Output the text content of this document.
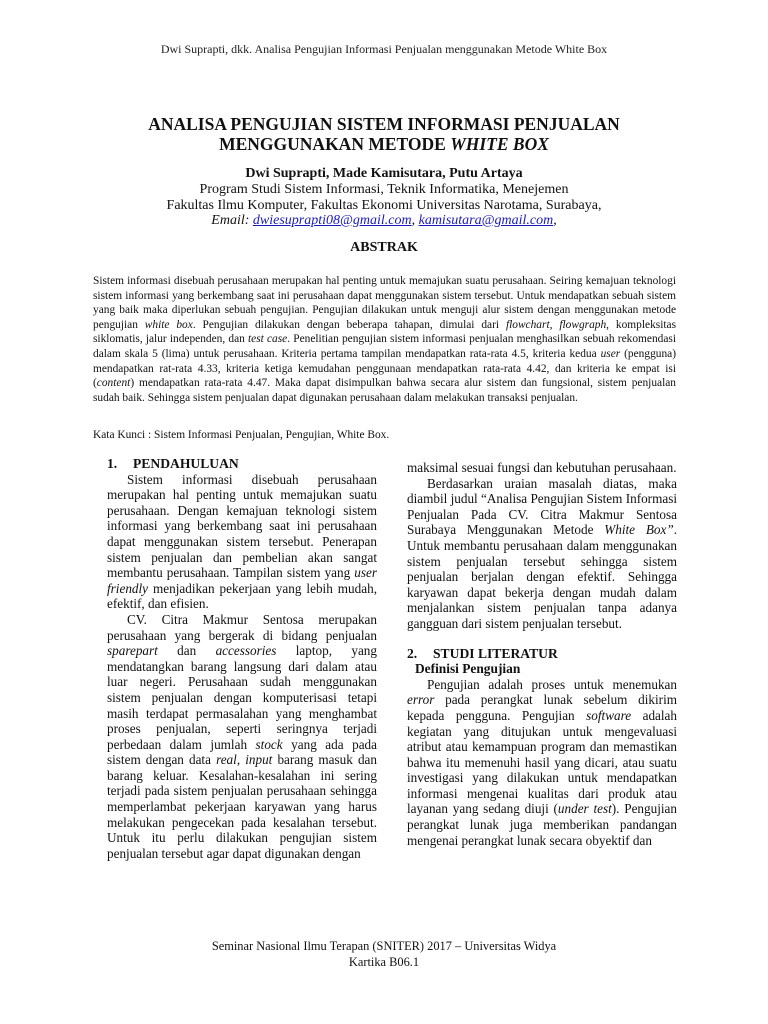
Dwi Suprapti, dkk. Analisa Pengujian Informasi Penjualan menggunakan Metode White Box
ANALISA PENGUJIAN SISTEM INFORMASI PENJUALAN
MENGGUNAKAN METODE WHITE BOX
Dwi Suprapti, Made Kamisutara, Putu Artaya
Program Studi Sistem Informasi, Teknik Informatika, Menejemen
Fakultas Ilmu Komputer, Fakultas Ekonomi Universitas Narotama, Surabaya,
Email: dwiesuprapti08@gmail.com, kamisutara@gmail.com,
ABSTRAK

Sistem informasi disebuah perusahaan merupakan hal penting untuk memajukan suatu perusahaan. Seiring kemajuan teknologi sistem informasi yang berkembang saat ini perusahaan dapat menggunakan sistem tersebut. Untuk mendapatkan sebuah sistem yang baik maka diperlukan sebuah pengujian. Pengujian dilakukan untuk menguji alur sistem dengan menggunakan metode pengujian white box. Pengujian dilakukan dengan beberapa tahapan, dimulai dari flowchart, flowgraph, kompleksitas siklomatis, jalur independen, dan test case. Penelitian pengujian sistem informasi penjualan menghasilkan sebuah rekomendasi dalam skala 5 (lima) untuk perusahaan. Kriteria pertama tampilan mendapatkan rata-rata 4.5, kriteria kedua user (pengguna) mendapatkan rat-rata 4.33, kriteria ketiga kemudahan penggunaan mendapatkan rata-rata 4.42, dan kriteria ke empat isi (content) mendapatkan rata-rata 4.47. Maka dapat disimpulkan bahwa secara alur sistem dan fungsional, sistem penjualan sudah baik. Sehingga sistem penjualan dapat digunakan perusahaan dalam melakukan transaksi penjualan.

Kata Kunci : Sistem Informasi Penjualan, Pengujian, White Box.
1. PENDAHULUAN

Sistem informasi disebuah perusahaan merupakan hal penting untuk memajukan suatu perusahaan. Dengan kemajuan teknologi sistem informasi yang berkembang saat ini perusahaan dapat menggunakan sistem tersebut. Penerapan sistem penjualan dan pembelian akan sangat membantu perusahaan. Tampilan sistem yang user friendly menjadikan pekerjaan yang lebih mudah, efektif, dan efisien.

CV. Citra Makmur Sentosa merupakan perusahaan yang bergerak di bidang penjualan sparepart dan accessories laptop, yang mendatangkan barang langsung dari dalam atau luar negeri. Perusahaan sudah menggunakan sistem penjualan dengan komputerisasi tetapi masih terdapat permasalahan yang menghambat proses penjualan, seperti seringnya terjadi perbedaan dalam jumlah stock yang ada pada sistem dengan data real, input barang masuk dan barang keluar. Kesalahan-kesalahan ini sering terjadi pada sistem penjualan perusahaan sehingga memperlambat pekerjaan karyawan yang harus melakukan pengecekan pada kesalahan tersebut. Untuk itu perlu dilakukan pengujian sistem penjualan tersebut agar dapat digunakan dengan

maksimal sesuai fungsi dan kebutuhan perusahaan.

Berdasarkan uraian masalah diatas, maka diambil judul “Analisa Pengujian Sistem Informasi Penjualan Pada CV. Citra Makmur Sentosa Surabaya Menggunakan Metode White Box”. Untuk membantu perusahaan dalam menggunakan sistem penjualan tersebut sehingga sistem penjualan berjalan dengan efektif. Sehingga karyawan dapat bekerja dengan mudah dalam menjalankan sistem penjualan tanpa adanya gangguan dari sistem penjualan tersebut.

2. STUDI LITERATUR
Definisi Pengujian

Pengujian adalah proses untuk menemukan error pada perangkat lunak sebelum dikirim kepada pengguna. Pengujian software adalah kegiatan yang ditujukan untuk mengevaluasi atribut atau kemampuan program dan memastikan bahwa itu memenuhi hasil yang dicari, atau suatu investigasi yang dilakukan untuk mendapatkan informasi mengenai kualitas dari produk atau layanan yang sedang diuji (under test). Pengujian perangkat lunak juga memberikan pandangan mengenai perangkat lunak secara obyektif dan

Seminar Nasional Ilmu Terapan (SNITER) 2017 – Universitas Widya
Kartika B06.1
